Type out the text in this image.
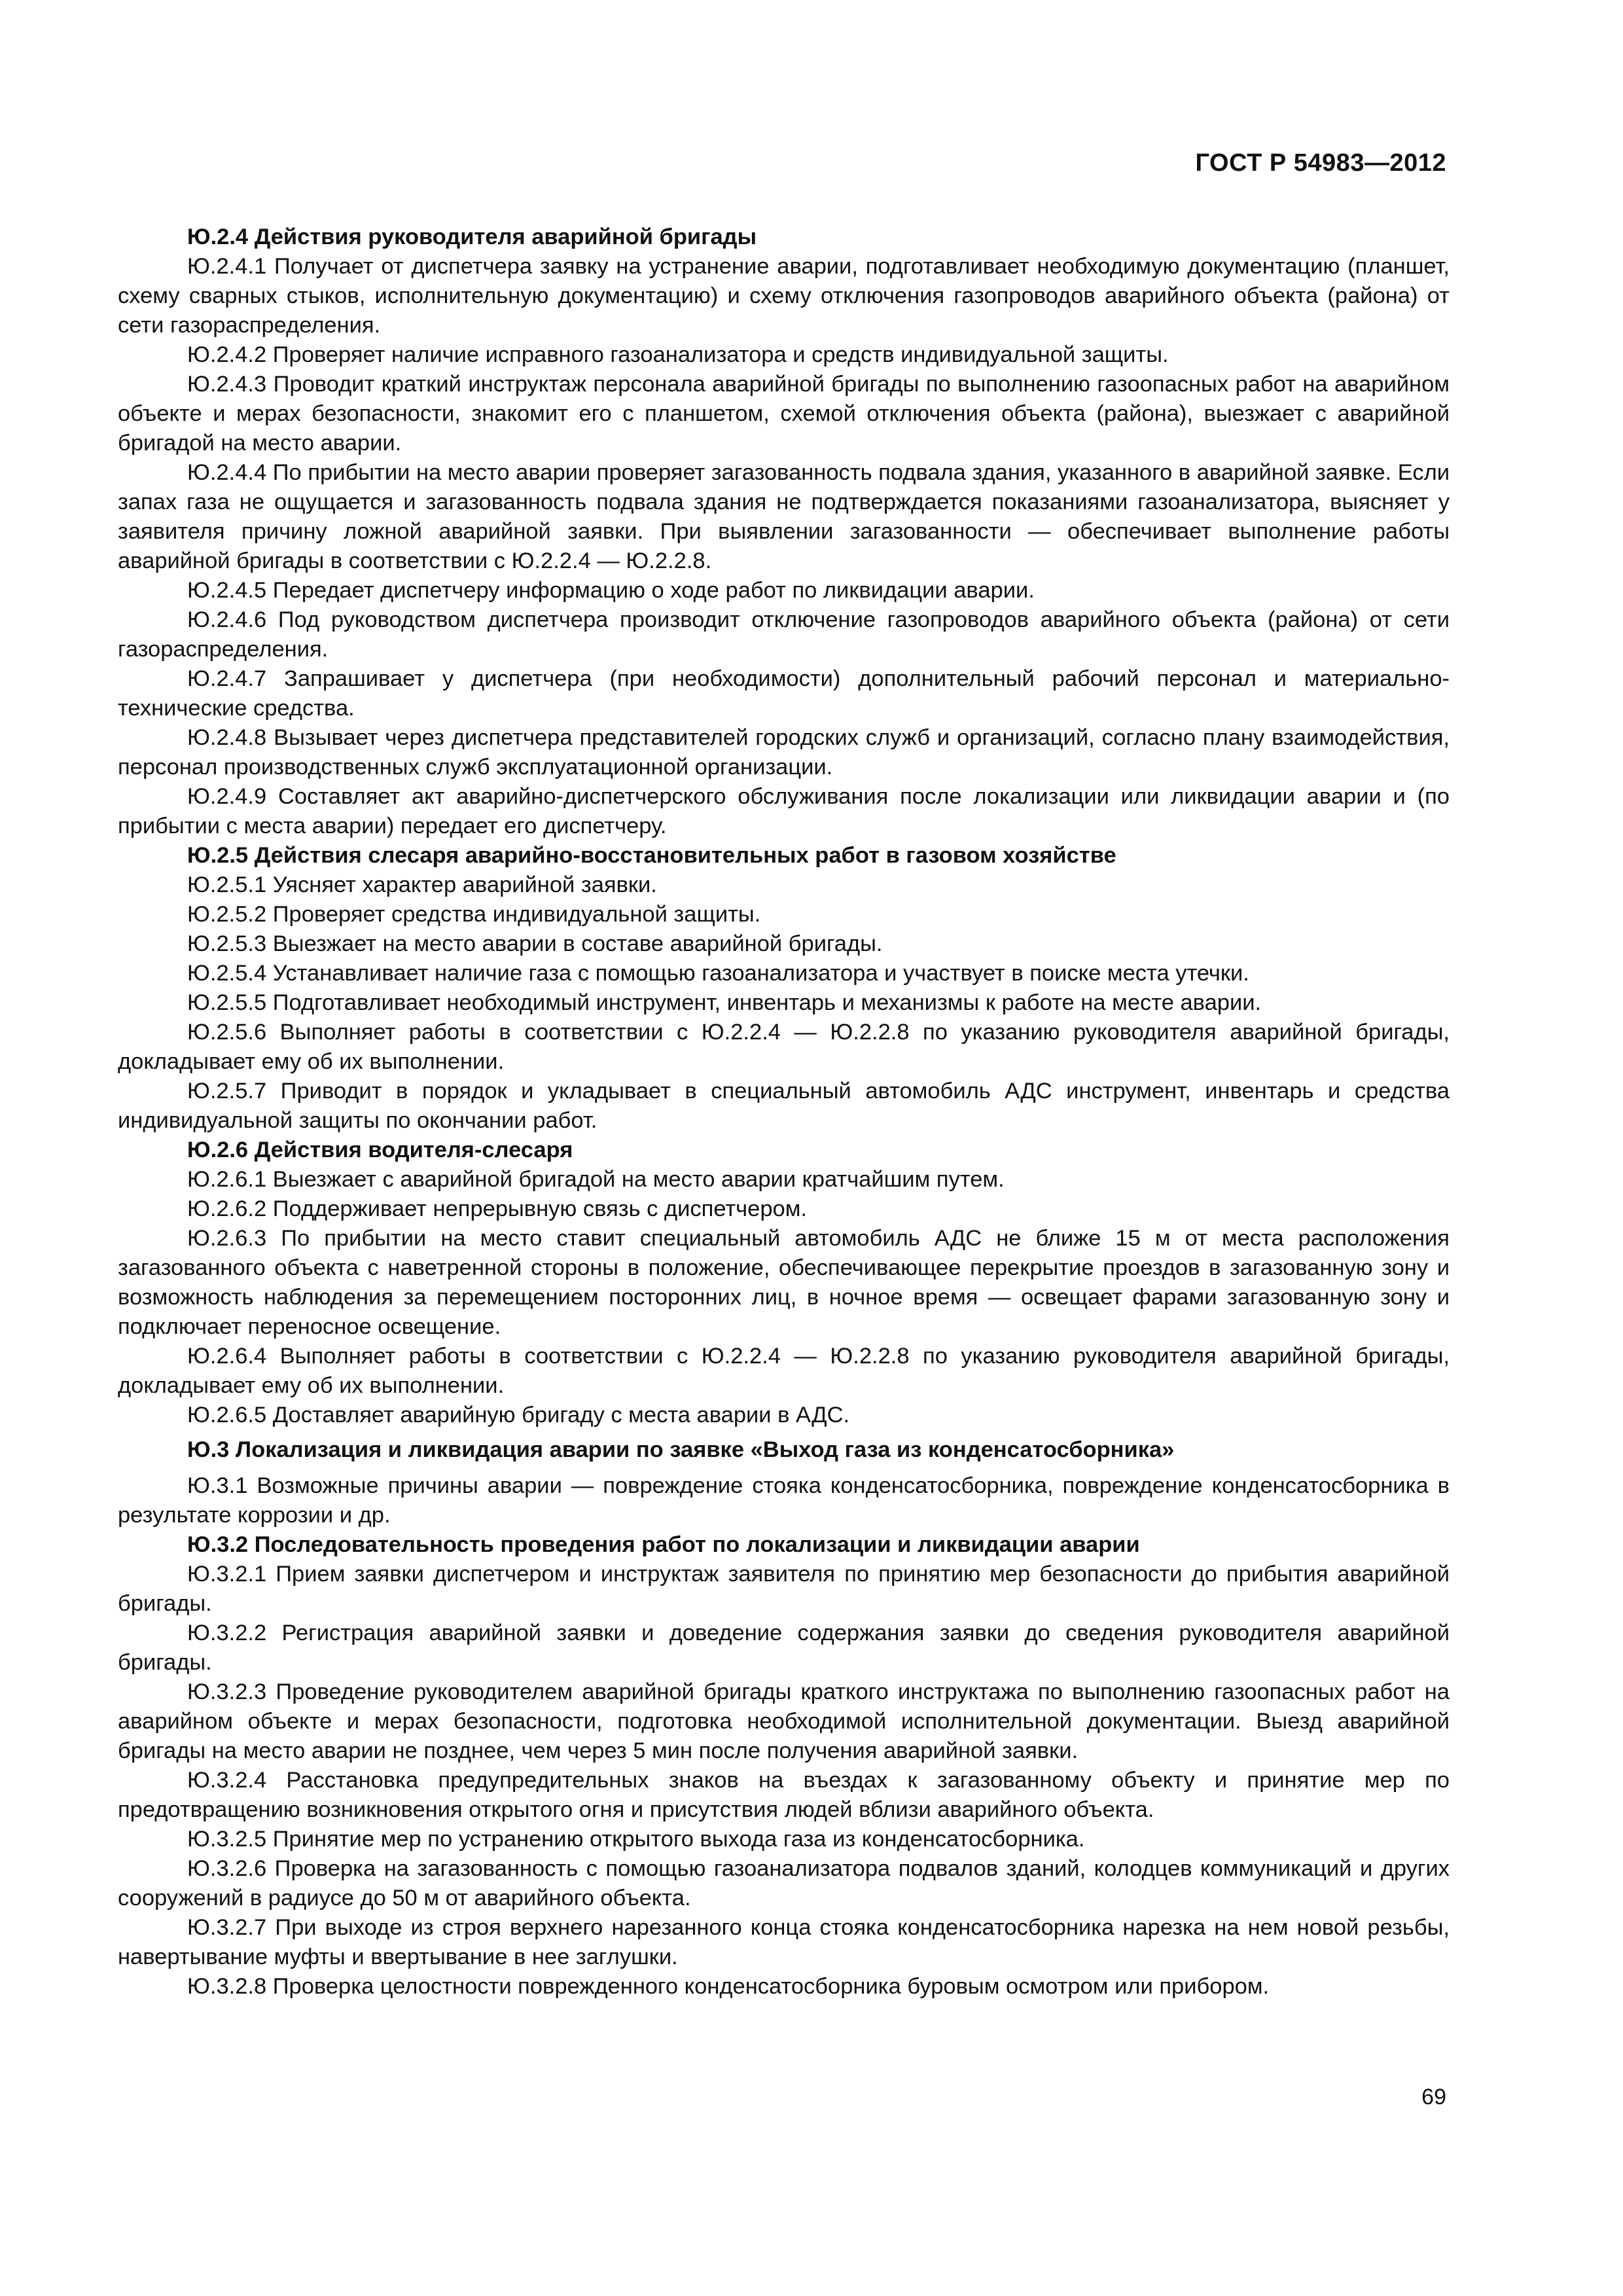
ГОСТ Р 54983—2012

Ю.2.4 Действия руководителя аварийной бригады

Ю.2.4.1 Получает от диспетчера заявку на устранение аварии, подготавливает необходимую документацию (планшет, схему сварных стыков, исполнительную документацию) и схему отключения газопроводов аварийного объекта (района) от сети газораспределения.

Ю.2.4.2 Проверяет наличие исправного газоанализатора и средств индивидуальной защиты.

Ю.2.4.3 Проводит краткий инструктаж персонала аварийной бригады по выполнению газоопасных работ на аварийном объекте и мерах безопасности, знакомит его с планшетом, схемой отключения объекта (района), выезжает с аварийной бригадой на место аварии.

Ю.2.4.4 По прибытии на место аварии проверяет загазованность подвала здания, указанного в аварийной заявке. Если запах газа не ощущается и загазованность подвала здания не подтверждается показаниями газоанализатора, выясняет у заявителя причину ложной аварийной заявки. При выявлении загазованности — обеспечивает выполнение работы аварийной бригады в соответствии с Ю.2.2.4 — Ю.2.2.8.

Ю.2.4.5 Передает диспетчеру информацию о ходе работ по ликвидации аварии.

Ю.2.4.6 Под руководством диспетчера производит отключение газопроводов аварийного объекта (района) от сети газораспределения.

Ю.2.4.7 Запрашивает у диспетчера (при необходимости) дополнительный рабочий персонал и материально-технические средства.

Ю.2.4.8 Вызывает через диспетчера представителей городских служб и организаций, согласно плану взаимодействия, персонал производственных служб эксплуатационной организации.

Ю.2.4.9 Составляет акт аварийно-диспетчерского обслуживания после локализации или ликвидации аварии и (по прибытии с места аварии) передает его диспетчеру.

Ю.2.5 Действия слесаря аварийно-восстановительных работ в газовом хозяйстве

Ю.2.5.1 Уясняет характер аварийной заявки.

Ю.2.5.2 Проверяет средства индивидуальной защиты.

Ю.2.5.3 Выезжает на место аварии в составе аварийной бригады.

Ю.2.5.4 Устанавливает наличие газа с помощью газоанализатора и участвует в поиске места утечки.

Ю.2.5.5 Подготавливает необходимый инструмент, инвентарь и механизмы к работе на месте аварии.

Ю.2.5.6 Выполняет работы в соответствии с Ю.2.2.4 — Ю.2.2.8 по указанию руководителя аварийной бригады, докладывает ему об их выполнении.

Ю.2.5.7 Приводит в порядок и укладывает в специальный автомобиль АДС инструмент, инвентарь и средства индивидуальной защиты по окончании работ.

Ю.2.6 Действия водителя-слесаря

Ю.2.6.1 Выезжает с аварийной бригадой на место аварии кратчайшим путем.

Ю.2.6.2 Поддерживает непрерывную связь с диспетчером.

Ю.2.6.3 По прибытии на место ставит специальный автомобиль АДС не ближе 15 м от места расположения загазованного объекта с наветренной стороны в положение, обеспечивающее перекрытие проездов в загазованную зону и возможность наблюдения за перемещением посторонних лиц, в ночное время — освещает фарами загазованную зону и подключает переносное освещение.

Ю.2.6.4 Выполняет работы в соответствии с Ю.2.2.4 — Ю.2.2.8 по указанию руководителя аварийной бригады, докладывает ему об их выполнении.

Ю.2.6.5 Доставляет аварийную бригаду с места аварии в АДС.

Ю.3 Локализация и ликвидация аварии по заявке «Выход газа из конденсатосборника»

Ю.3.1 Возможные причины аварии — повреждение стояка конденсатосборника, повреждение конденсатосборника в результате коррозии и др.

Ю.3.2 Последовательность проведения работ по локализации и ликвидации аварии

Ю.3.2.1 Прием заявки диспетчером и инструктаж заявителя по принятию мер безопасности до прибытия аварийной бригады.

Ю.3.2.2 Регистрация аварийной заявки и доведение содержания заявки до сведения руководителя аварийной бригады.

Ю.3.2.3 Проведение руководителем аварийной бригады краткого инструктажа по выполнению газоопасных работ на аварийном объекте и мерах безопасности, подготовка необходимой исполнительной документации. Выезд аварийной бригады на место аварии не позднее, чем через 5 мин после получения аварийной заявки.

Ю.3.2.4 Расстановка предупредительных знаков на въездах к загазованному объекту и принятие мер по предотвращению возникновения открытого огня и присутствия людей вблизи аварийного объекта.

Ю.3.2.5 Принятие мер по устранению открытого выхода газа из конденсатосборника.

Ю.3.2.6 Проверка на загазованность с помощью газоанализатора подвалов зданий, колодцев коммуникаций и других сооружений в радиусе до 50 м от аварийного объекта.

Ю.3.2.7 При выходе из строя верхнего нарезанного конца стояка конденсатосборника нарезка на нем новой резьбы, навертывание муфты и ввертывание в нее заглушки.

Ю.3.2.8 Проверка целостности поврежденного конденсатосборника буровым осмотром или прибором.

69
